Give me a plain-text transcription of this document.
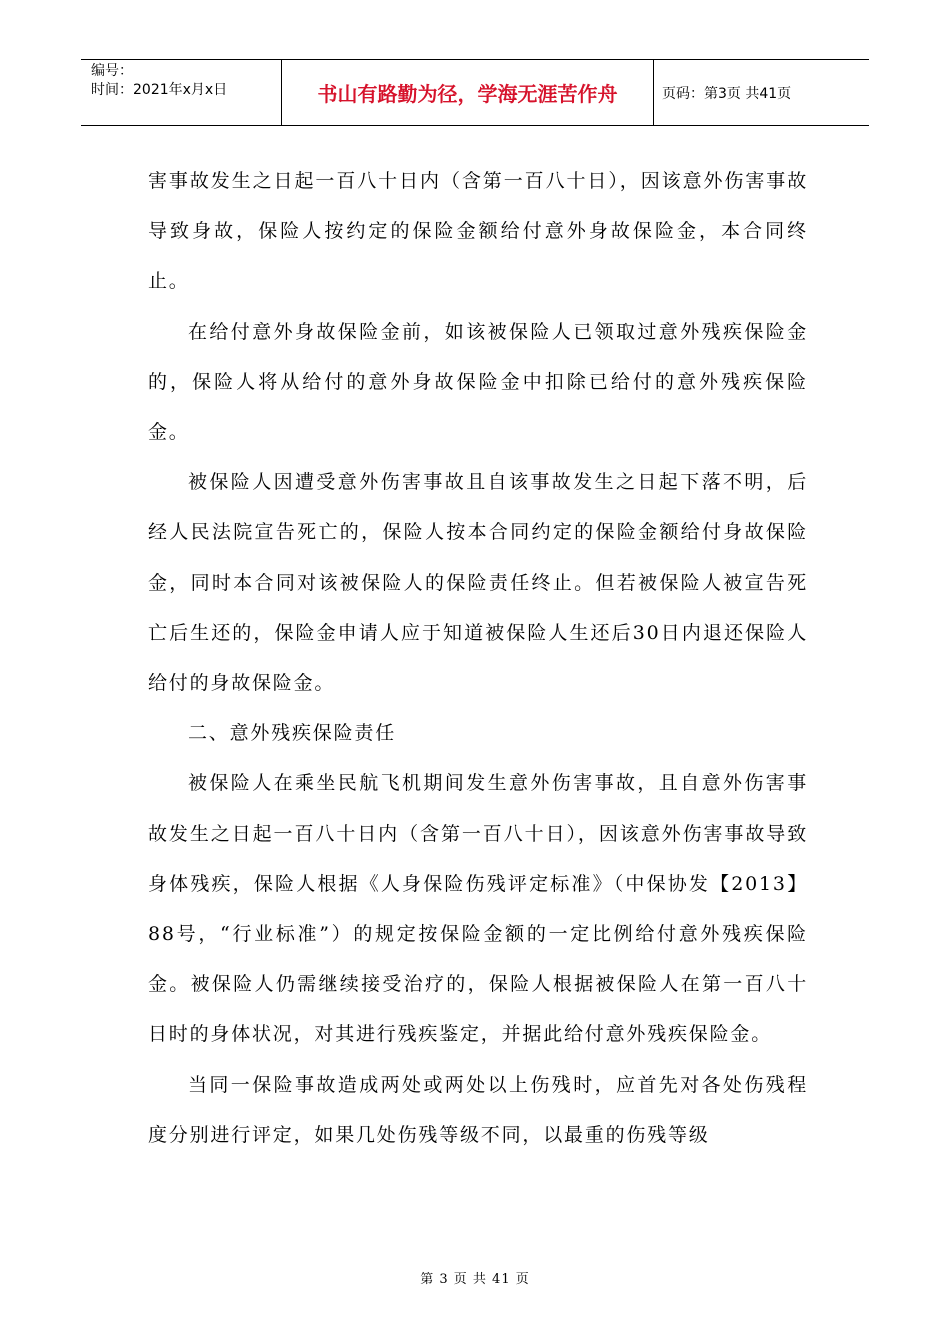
编号：
时间：2021年x月x日	书山有路勤为径，学海无涯苦作舟	页码：第3页 共41页

害事故发生之日起一百八十日内（含第一百八十日），因该意外伤害事故导致身故，保险人按约定的保险金额给付意外身故保险金，本合同终止。

在给付意外身故保险金前，如该被保险人已领取过意外残疾保险金的，保险人将从给付的意外身故保险金中扣除已给付的意外残疾保险金。

被保险人因遭受意外伤害事故且自该事故发生之日起下落不明，后经人民法院宣告死亡的，保险人按本合同约定的保险金额给付身故保险金，同时本合同对该被保险人的保险责任终止。但若被保险人被宣告死亡后生还的，保险金申请人应于知道被保险人生还后30日内退还保险人给付的身故保险金。

二、意外残疾保险责任

被保险人在乘坐民航飞机期间发生意外伤害事故，且自意外伤害事故发生之日起一百八十日内（含第一百八十日），因该意外伤害事故导致身体残疾，保险人根据《人身保险伤残评定标准》（中保协发【2013】88号，“行业标准”）的规定按保险金额的一定比例给付意外残疾保险金。被保险人仍需继续接受治疗的，保险人根据被保险人在第一百八十日时的身体状况，对其进行残疾鉴定，并据此给付意外残疾保险金。

当同一保险事故造成两处或两处以上伤残时，应首先对各处伤残程度分别进行评定，如果几处伤残等级不同，以最重的伤残等级

第 3 页 共 41 页
